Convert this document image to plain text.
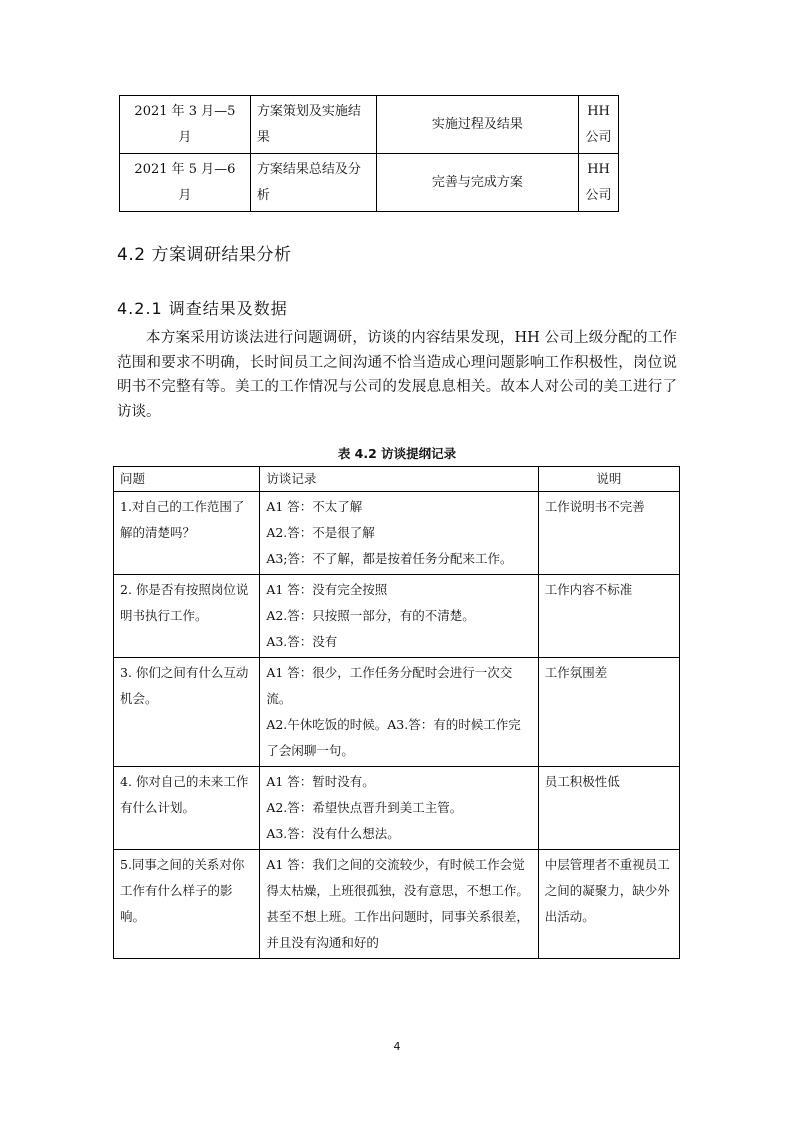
2021 年 3 月—5 月	方案策划及实施结果	实施过程及结果	HH 公司
2021 年 5 月—6 月	方案结果总结及分析	完善与完成方案	HH 公司
4.2 方案调研结果分析
4.2.1 调查结果及数据

本方案采用访谈法进行问题调研，访谈的内容结果发现，HH 公司上级分配的工作范围和要求不明确，长时间员工之间沟通不恰当造成心理问题影响工作积极性，岗位说明书不完整有等。美工的工作情况与公司的发展息息相关。故本人对公司的美工进行了访谈。

表 4.2 访谈提纲记录
问题	访谈记录	说明
1.对自己的工作范围了解的清楚吗？	A1 答：不太了解
A2.答：不是很了解
A3;答：不了解，都是按着任务分配来工作。	工作说明书不完善
2. 你是否有按照岗位说明书执行工作。	A1 答：没有完全按照
A2.答：只按照一部分，有的不清楚。
A3.答：没有	工作内容不标准
3. 你们之间有什么互动机会。	A1 答：很少，工作任务分配时会进行一次交流。
A2.午休吃饭的时候。A3.答：有的时候工作完了会闲聊一句。	工作氛围差
4. 你对自己的未来工作有什么计划。	A1 答：暂时没有。
A2.答：希望快点晋升到美工主管。
A3.答：没有什么想法。	员工积极性低
5.同事之间的关系对你工作有什么样子的影响。	A1 答：我们之间的交流较少，有时候工作会觉得太枯燥，上班很孤独，没有意思，不想工作。甚至不想上班。工作出问题时，同事关系很差，并且没有沟通和好的	中层管理者不重视员工之间的凝聚力，缺少外出活动。
4
